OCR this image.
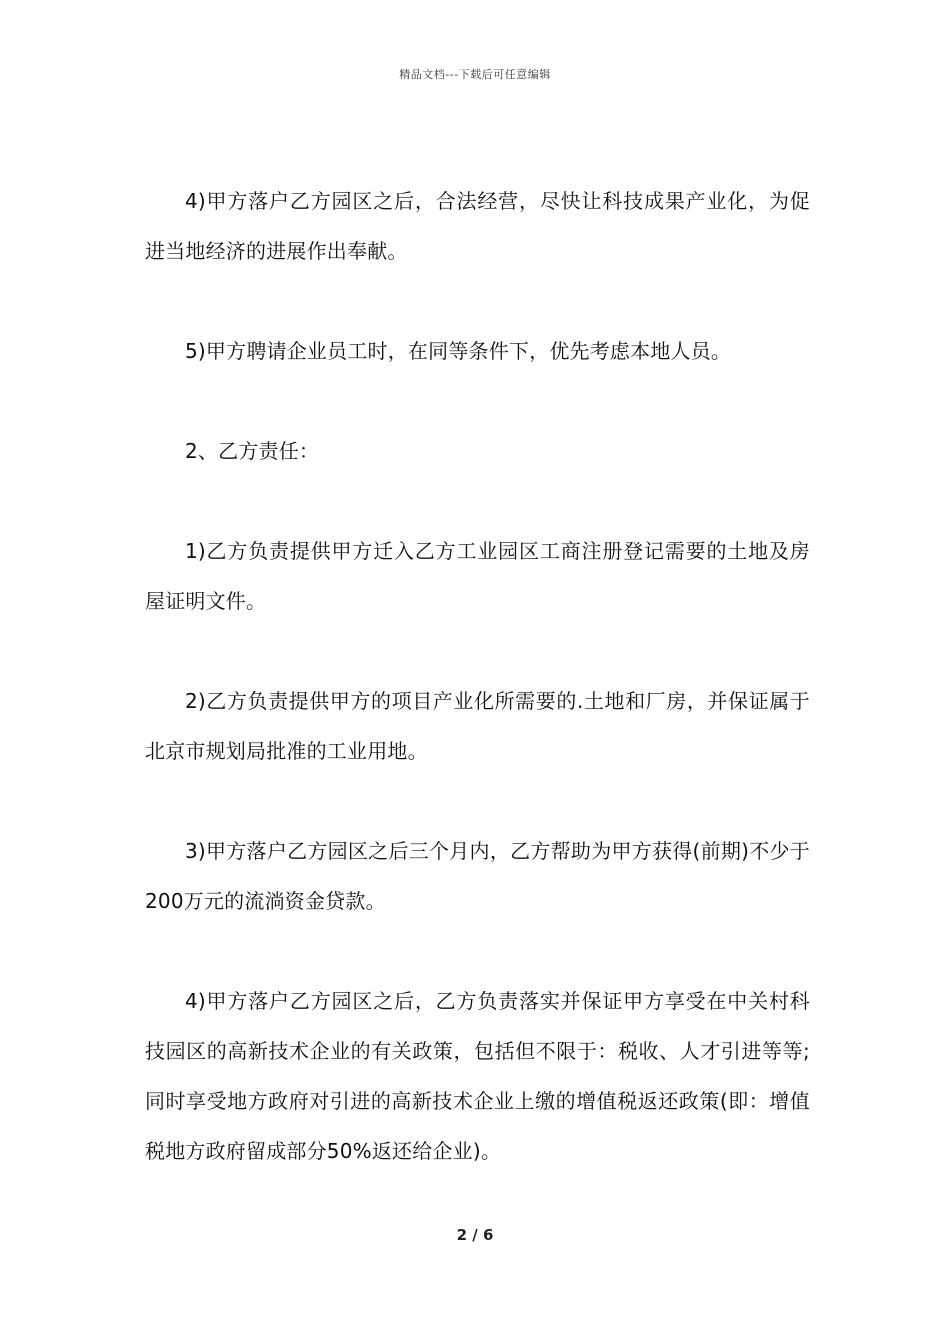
精品文档---下载后可任意编辑

4)甲方落户乙方园区之后，合法经营，尽快让科技成果产业化，为促进当地经济的进展作出奉献。

5)甲方聘请企业员工时，在同等条件下，优先考虑本地人员。

2、乙方责任：

1)乙方负责提供甲方迁入乙方工业园区工商注册登记需要的土地及房屋证明文件。

2)乙方负责提供甲方的项目产业化所需要的.土地和厂房，并保证属于北京市规划局批准的工业用地。

3)甲方落户乙方园区之后三个月内，乙方帮助为甲方获得(前期)不少于200万元的流淌资金贷款。

4)甲方落户乙方园区之后，乙方负责落实并保证甲方享受在中关村科技园区的高新技术企业的有关政策，包括但不限于：税收、人才引进等等;同时享受地方政府对引进的高新技术企业上缴的增值税返还政策(即：增值税地方政府留成部分50%返还给企业)。

2 / 6
